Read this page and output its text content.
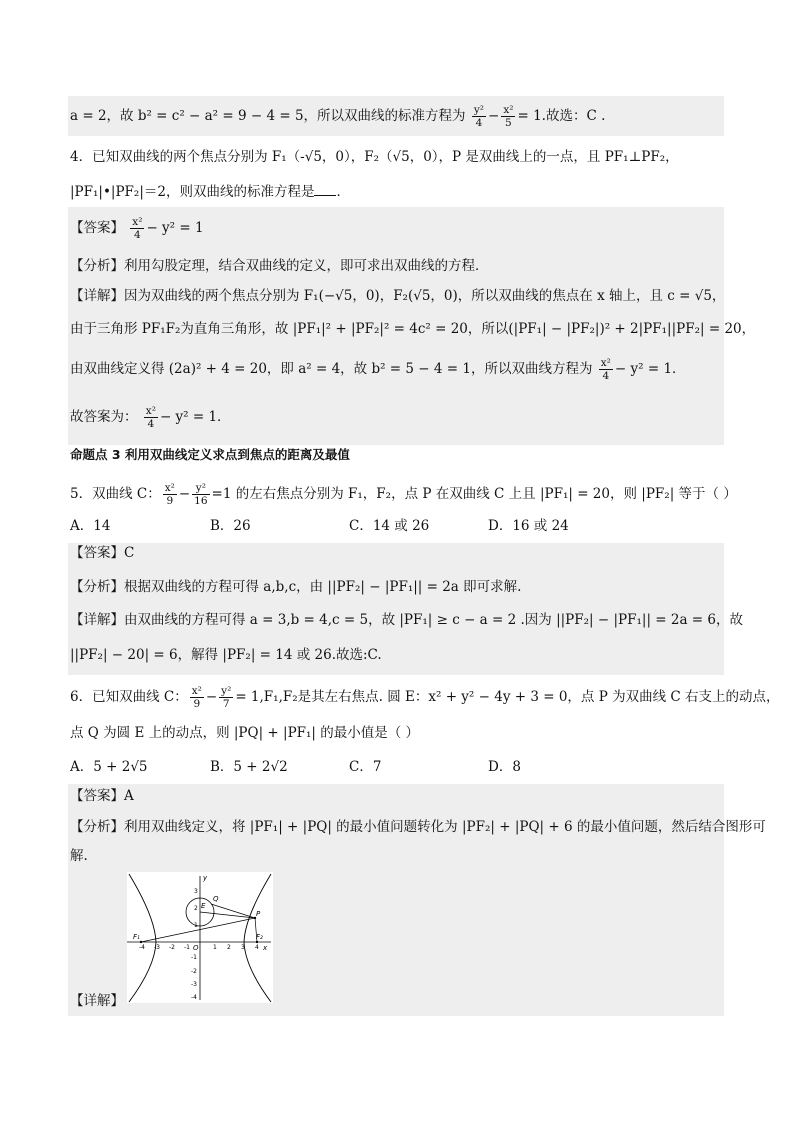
a = 2，故 b² = c² − a² = 9 − 4 = 5，所以双曲线的标准方程为 $\frac{\text{y²}}{4} - \frac{\text{x²}}{5} = 1$.故选：C .
4．已知双曲线的两个焦点分别为 F₁（-√5，0），F₂（√5，0），P 是双曲线上的一点，且 PF₁⊥PF₂，
|PF₁|•|PF₂|＝2，则双曲线的标准方程是 ．
【答案】 $\frac{\text{x²}}{4} - y^2 = 1$
【分析】利用勾股定理，结合双曲线的定义，即可求出双曲线的方程．
【详解】因为双曲线的两个焦点分别为 F₁(−√5，0)，F₂(√5，0)，所以双曲线的焦点在 x 轴上，且 c = √5，
由于三角形 PF₁F₂为直角三角形，故 |PF₁|² + |PF₂|² = 4c² = 20，所以(|PF₁| − |PF₂|)² + 2|PF₁||PF₂| = 20，
由双曲线定义得 (2a)² + 4 = 20，即 a² = 4，故 b² = 5 − 4 = 1，所以双曲线方程为 $\frac{\text{x²}}{4} - y^2 = 1$．
故答案为： $\frac{\text{x²}}{4} - y^2 = 1$．
命题点 3 利用双曲线定义求点到焦点的距离及最值
5．双曲线 C： $\frac{\text{x²}}{9} - \frac{\text{y²}}{16} =1$ 的左右焦点分别为 F₁，F₂，点 P 在双曲线 C 上且 |PF₁| = 20，则 |PF₂| 等于（ ）
A．14	B．26	C．14 或 26	D．16 或 24
【答案】C
【分析】根据双曲线的方程可得 a,b,c，由 ||PF₂| − |PF₁|| = 2a 即可求解.
【详解】由双曲线的方程可得 a = 3,b = 4,c = 5，故 |PF₁| ≥ c − a = 2 .因为 ||PF₂| − |PF₁|| = 2a = 6，故
||PF₂| − 20| = 6，解得 |PF₂| = 14 或 26.故选:C.
6．已知双曲线 C： $\frac{\text{x²}}{9} - \frac{\text{y²}}{7} = 1,F_1,F_2$是其左右焦点. 圆 E：x² + y² − 4y + 3 = 0，点 P 为双曲线 C 右支上的动点，
点 Q 为圆 E 上的动点，则 |PQ| + |PF₁| 的最小值是（ ）
A．5 + 2√5	B．5 + 2√2	C．7	D．8
【答案】A
【分析】利用双曲线定义，将 |PF₁| + |PQ| 的最小值问题转化为 |PF₂| + |PQ| + 6 的最小值问题，然后结合图形可
解.
【详解】
y
x
O
E
Q
P
F₁	F₂
-4 -3 -2 -1	1 2 3 4
3
2
1
-1
-2
-3
-4
